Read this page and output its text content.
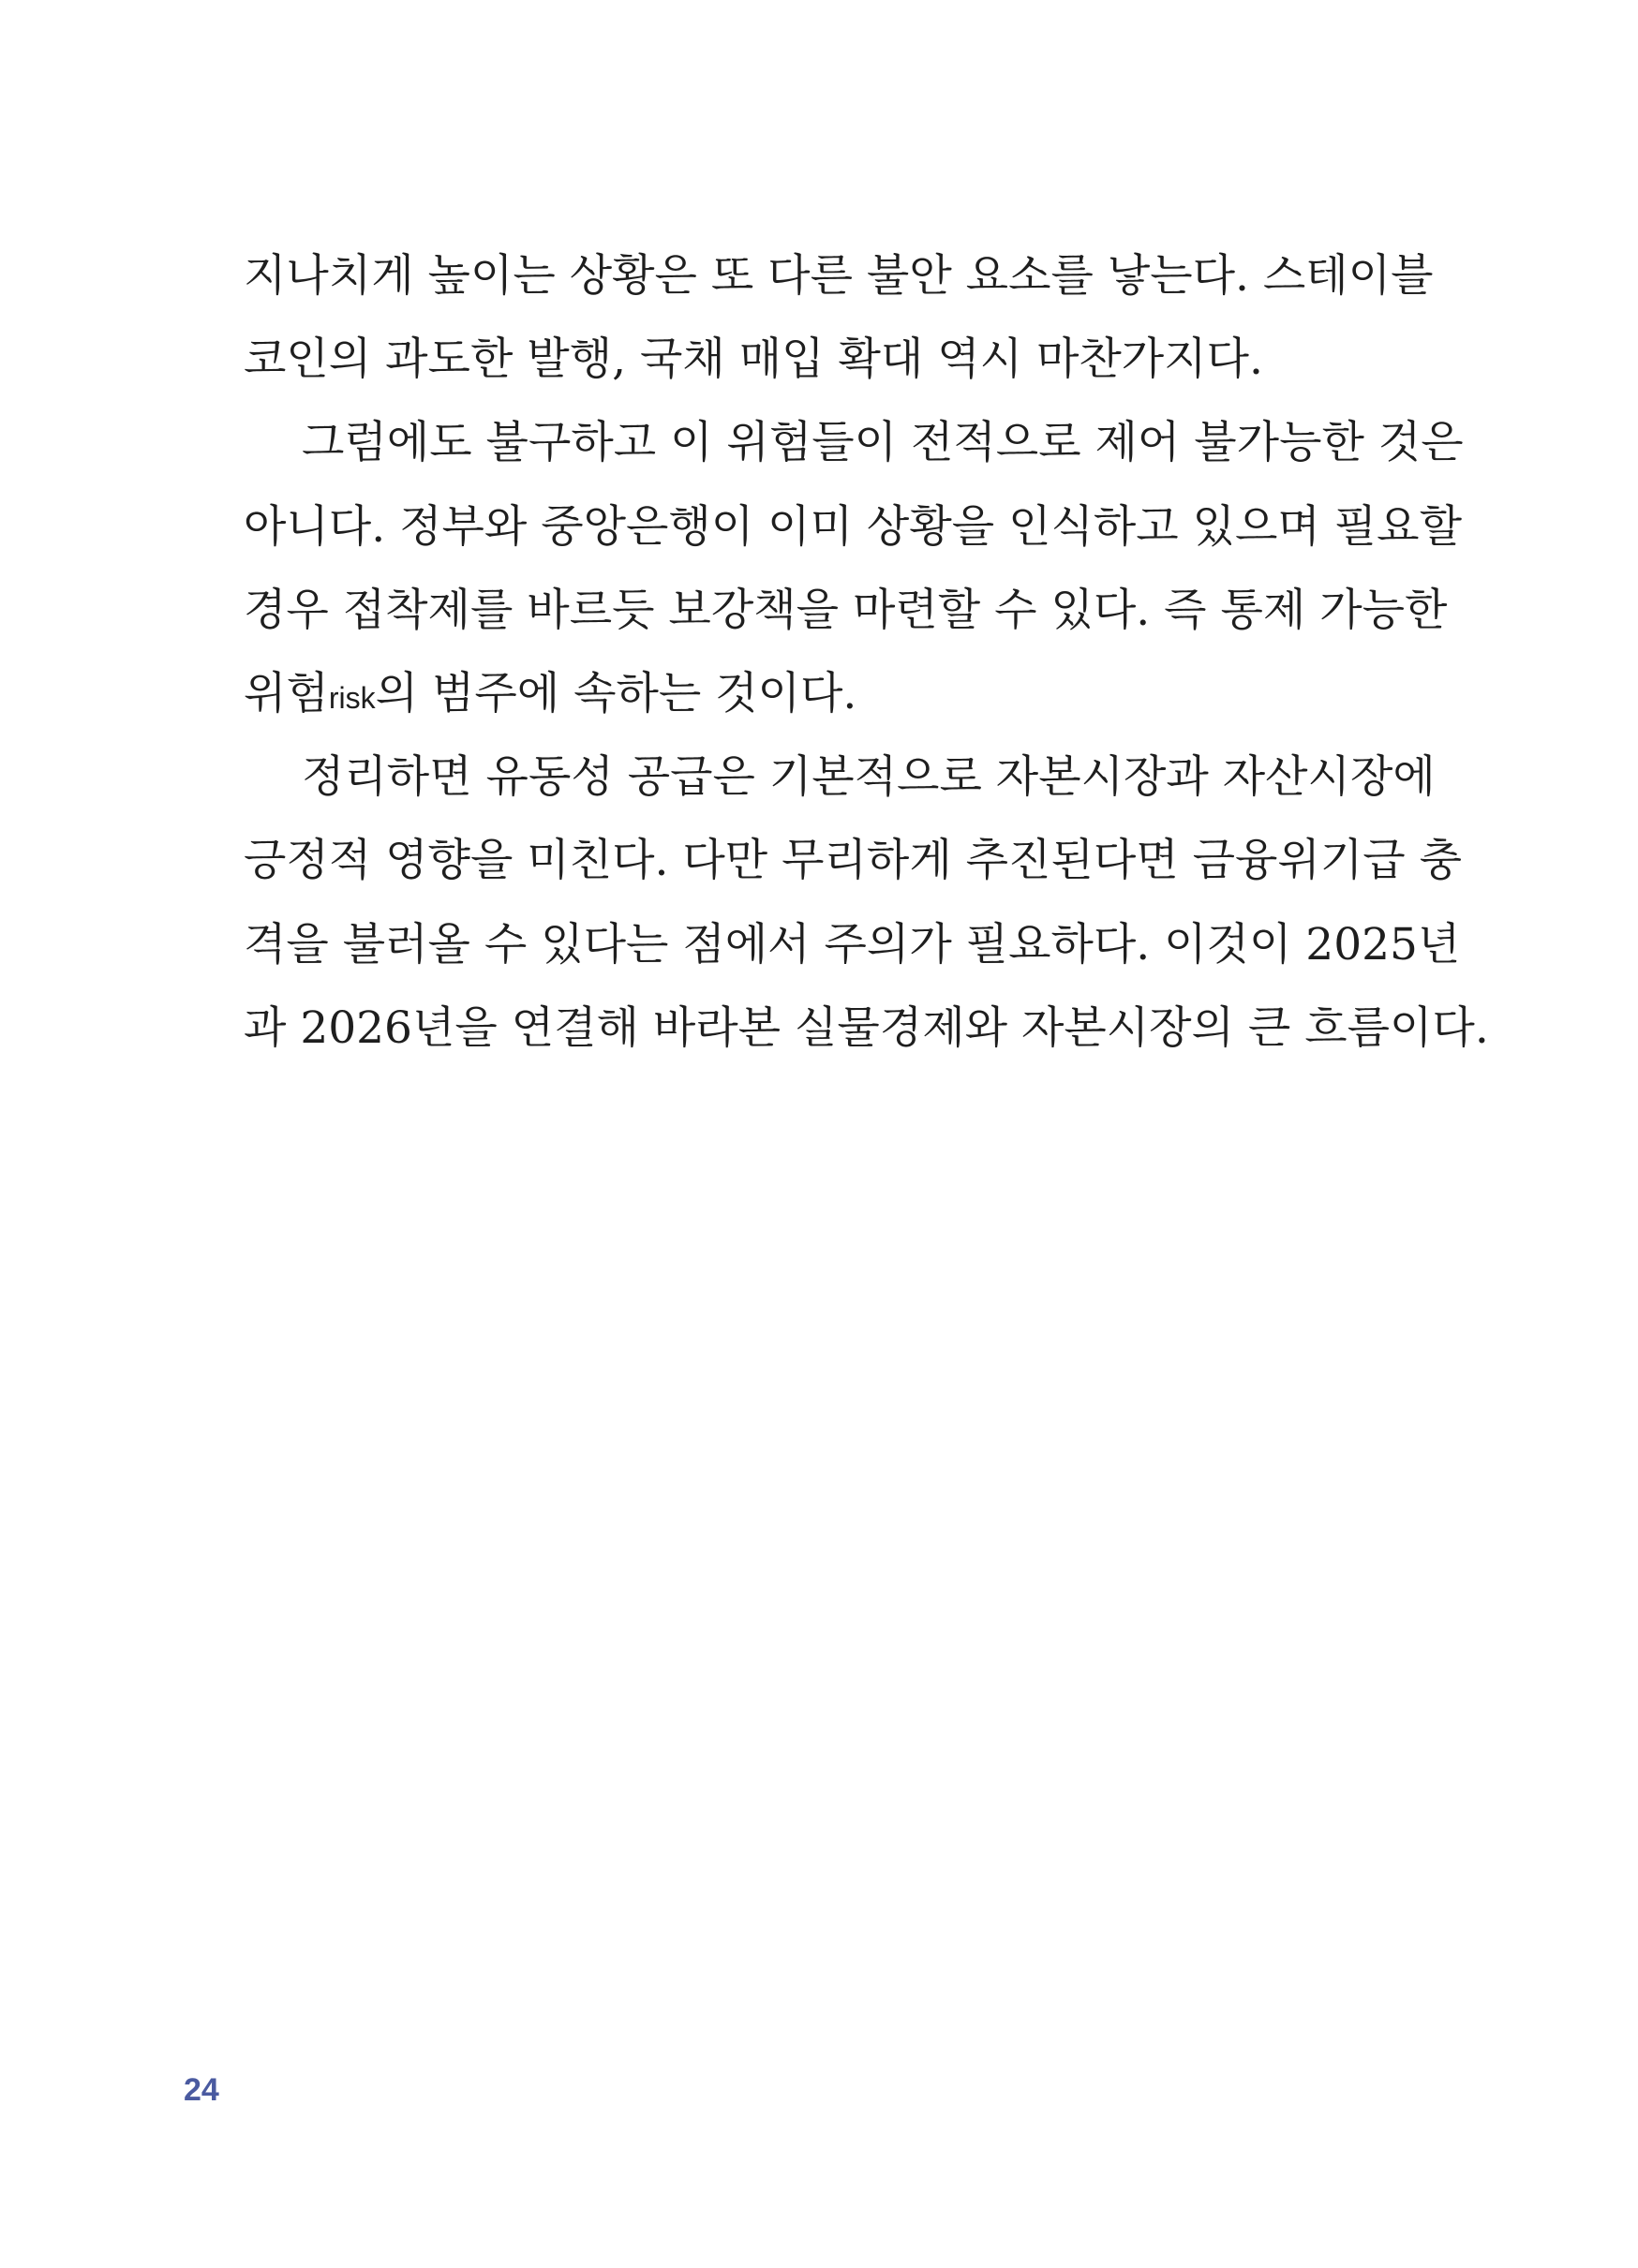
지나치게 높이는 상황은 또 다른 불안 요소를 낳는다. 스테이블
코인의 과도한 발행, 국채 매입 확대 역시 마찬가지다.
그럼에도 불구하고 이 위험들이 전적으로 제어 불가능한 것은
아니다. 정부와 중앙은행이 이미 상황을 인식하고 있으며 필요할
경우 접착제를 바르듯 보강책을 마련할 수 있다. 즉 통제 가능한
위험risk의 범주에 속하는 것이다.
정리하면 유동성 공급은 기본적으로 자본시장과 자산시장에
긍정적 영향을 미친다. 다만 무리하게 추진된다면 금융위기급 충
격을 불러올 수 있다는 점에서 주의가 필요하다. 이것이 2025년
과 2026년을 연결해 바라본 실물경제와 자본시장의 큰 흐름이다.
24
